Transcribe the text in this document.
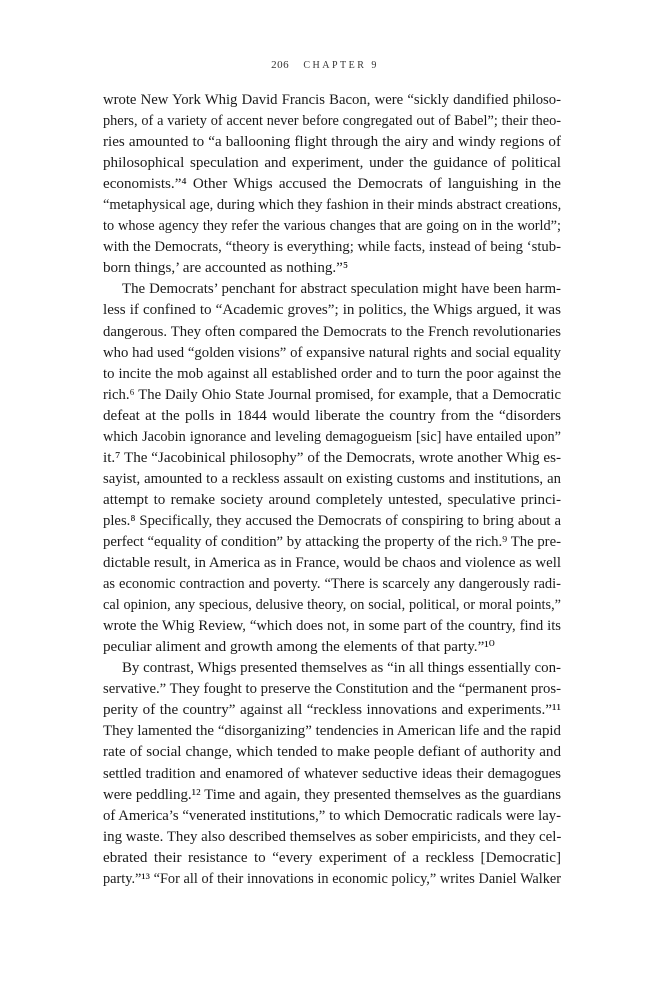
206 CHAPTER 9
wrote New York Whig David Francis Bacon, were “sickly dandified philoso-
phers, of a variety of accent never before congregated out of Babel”; their theo-
ries amounted to “a ballooning flight through the airy and windy regions of
philosophical speculation and experiment, under the guidance of political
economists.”⁴ Other Whigs accused the Democrats of languishing in the
“metaphysical age, during which they fashion in their minds abstract creations,
to whose agency they refer the various changes that are going on in the world”;
with the Democrats, “theory is everything; while facts, instead of being ‘stub-
born things,’ are accounted as nothing.”⁵
The Democrats’ penchant for abstract speculation might have been harm-
less if confined to “Academic groves”; in politics, the Whigs argued, it was
dangerous. They often compared the Democrats to the French revolutionaries
who had used “golden visions” of expansive natural rights and social equality
to incite the mob against all established order and to turn the poor against the
rich.⁶ The Daily Ohio State Journal promised, for example, that a Democratic
defeat at the polls in 1844 would liberate the country from the “disorders
which Jacobin ignorance and leveling demagogueism [sic] have entailed upon”
it.⁷ The “Jacobinical philosophy” of the Democrats, wrote another Whig es-
sayist, amounted to a reckless assault on existing customs and institutions, an
attempt to remake society around completely untested, speculative princi-
ples.⁸ Specifically, they accused the Democrats of conspiring to bring about a
perfect “equality of condition” by attacking the property of the rich.⁹ The pre-
dictable result, in America as in France, would be chaos and violence as well
as economic contraction and poverty. “There is scarcely any dangerously radi-
cal opinion, any specious, delusive theory, on social, political, or moral points,”
wrote the Whig Review, “which does not, in some part of the country, find its
peculiar aliment and growth among the elements of that party.”¹⁰
By contrast, Whigs presented themselves as “in all things essentially con-
servative.” They fought to preserve the Constitution and the “permanent pros-
perity of the country” against all “reckless innovations and experiments.”¹¹
They lamented the “disorganizing” tendencies in American life and the rapid
rate of social change, which tended to make people defiant of authority and
settled tradition and enamored of whatever seductive ideas their demagogues
were peddling.¹² Time and again, they presented themselves as the guardians
of America’s “venerated institutions,” to which Democratic radicals were lay-
ing waste. They also described themselves as sober empiricists, and they cel-
ebrated their resistance to “every experiment of a reckless [Democratic]
party.”¹³ “For all of their innovations in economic policy,” writes Daniel Walker
